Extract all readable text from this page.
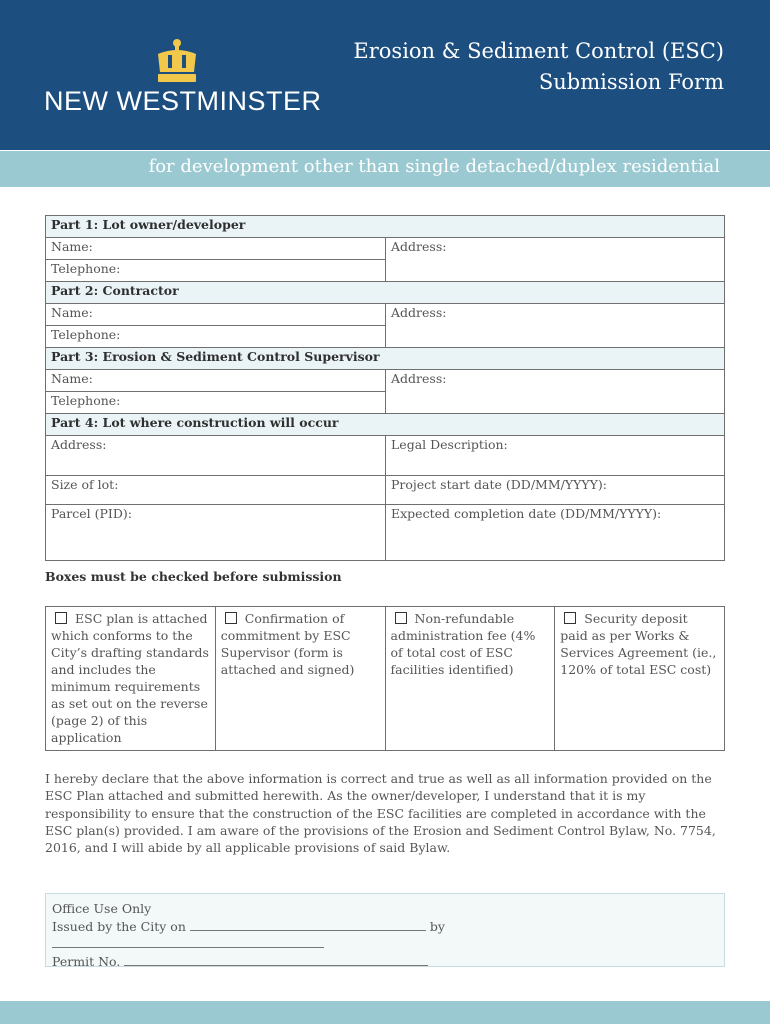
NEW WESTMINSTER
Erosion & Sediment Control (ESC)
Submission Form
for development other than single detached/duplex residential
Part 1: Lot owner/developer	
Name:	Address:
Telephone:	
Part 2: Contractor	
Name:	Address:
Telephone:	
Part 3: Erosion & Sediment Control Supervisor	
Name:	Address:
Telephone:	
Part 4: Lot where construction will occur	
Address:	Legal Description:
Size of lot:	Project start date (DD/MM/YYYY):
Parcel (PID):	Expected completion date (DD/MM/YYYY):
Boxes must be checked before submission
ESC plan is attached which conforms to the City’s drafting standards and includes the minimum requirements as set out on the reverse (page 2) of this application	Confirmation of commitment by ESC Supervisor (form is attached and signed)	Non-refundable administration fee (4% of total cost of ESC facilities identified)	Security deposit paid as per Works & Services Agreement (ie., 120% of total ESC cost)
I hereby declare that the above information is correct and true as well as all information provided on the ESC Plan attached and submitted herewith. As the owner/developer, I understand that it is my responsibility to ensure that the construction of the ESC facilities are completed in accordance with the ESC plan(s) provided. I am aware of the provisions of the Erosion and Sediment Control Bylaw, No. 7754, 2016, and I will abide by all applicable provisions of said Bylaw.
Office Use Only
Issued by the City on	by
Permit No.
